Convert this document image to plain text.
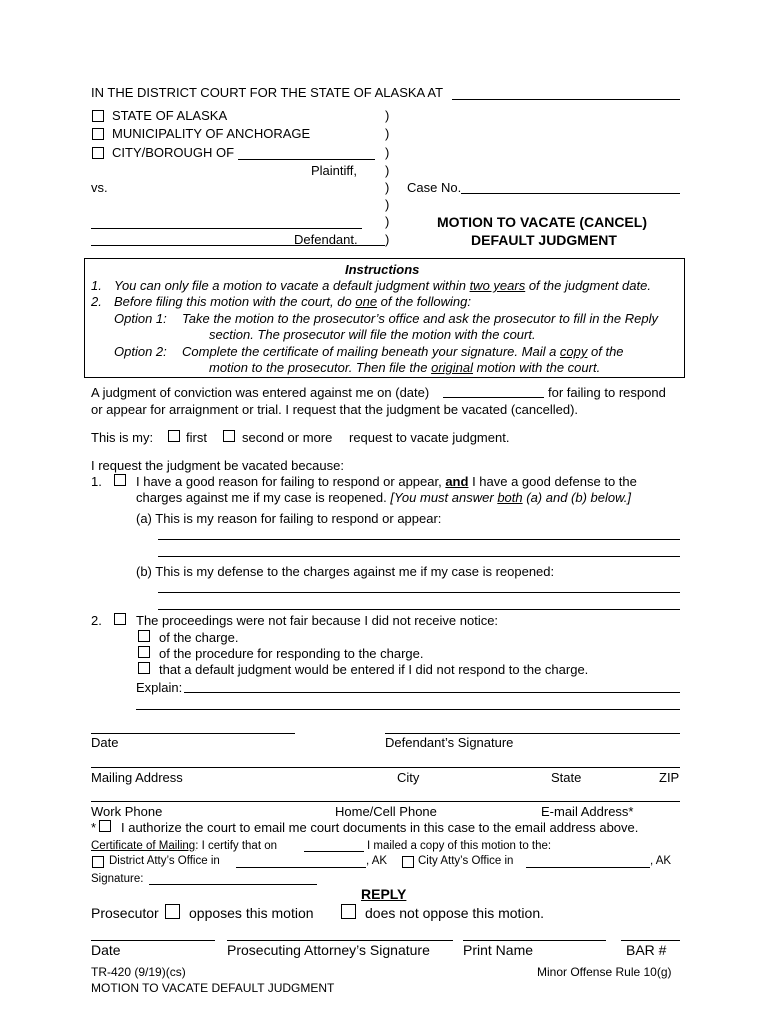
IN THE DISTRICT COURT FOR THE STATE OF ALASKA AT
STATE OF ALASKA
MUNICIPALITY OF ANCHORAGE
CITY/BOROUGH OF
Plaintiff,
vs.
)
)
)
)
)
)
)
)
Case No.
Defendant.
MOTION TO VACATE (CANCEL)
DEFAULT JUDGMENT
Instructions
1. You can only file a motion to vacate a default judgment within two years of the judgment date.
2. Before filing this motion with the court, do one of the following:
Option 1: Take the motion to the prosecutor’s office and ask the prosecutor to fill in the Reply
section. The prosecutor will file the motion with the court.
Option 2: Complete the certificate of mailing beneath your signature. Mail a copy of the
motion to the prosecutor. Then file the original motion with the court.
A judgment of conviction was entered against me on (date)	for failing to respond
or appear for arraignment or trial. I request that the judgment be vacated (cancelled).
This is my:	first	second or more request to vacate judgment.
I request the judgment be vacated because:
1.	I have a good reason for failing to respond or appear, and I have a good defense to the
charges against me if my case is reopened. [You must answer both (a) and (b) below.]
(a) This is my reason for failing to respond or appear:
(b) This is my defense to the charges against me if my case is reopened:
2.	The proceedings were not fair because I did not receive notice:
of the charge.
of the procedure for responding to the charge.
that a default judgment would be entered if I did not respond to the charge.
Explain:
Date	Defendant’s Signature
Mailing Address	City	State	ZIP
Work Phone	Home/Cell Phone	E-mail Address*
* I authorize the court to email me court documents in this case to the email address above.
Certificate of Mailing: I certify that on	I mailed a copy of this motion to the:
District Atty’s Office in	, AK	City Atty’s Office in	, AK
Signature:
REPLY
Prosecutor opposes this motion	does not oppose this motion.
Date	Prosecuting Attorney’s Signature Print Name	BAR #
TR-420 (9/19)(cs)
MOTION TO VACATE DEFAULT JUDGMENT
Minor Offense Rule 10(g)
